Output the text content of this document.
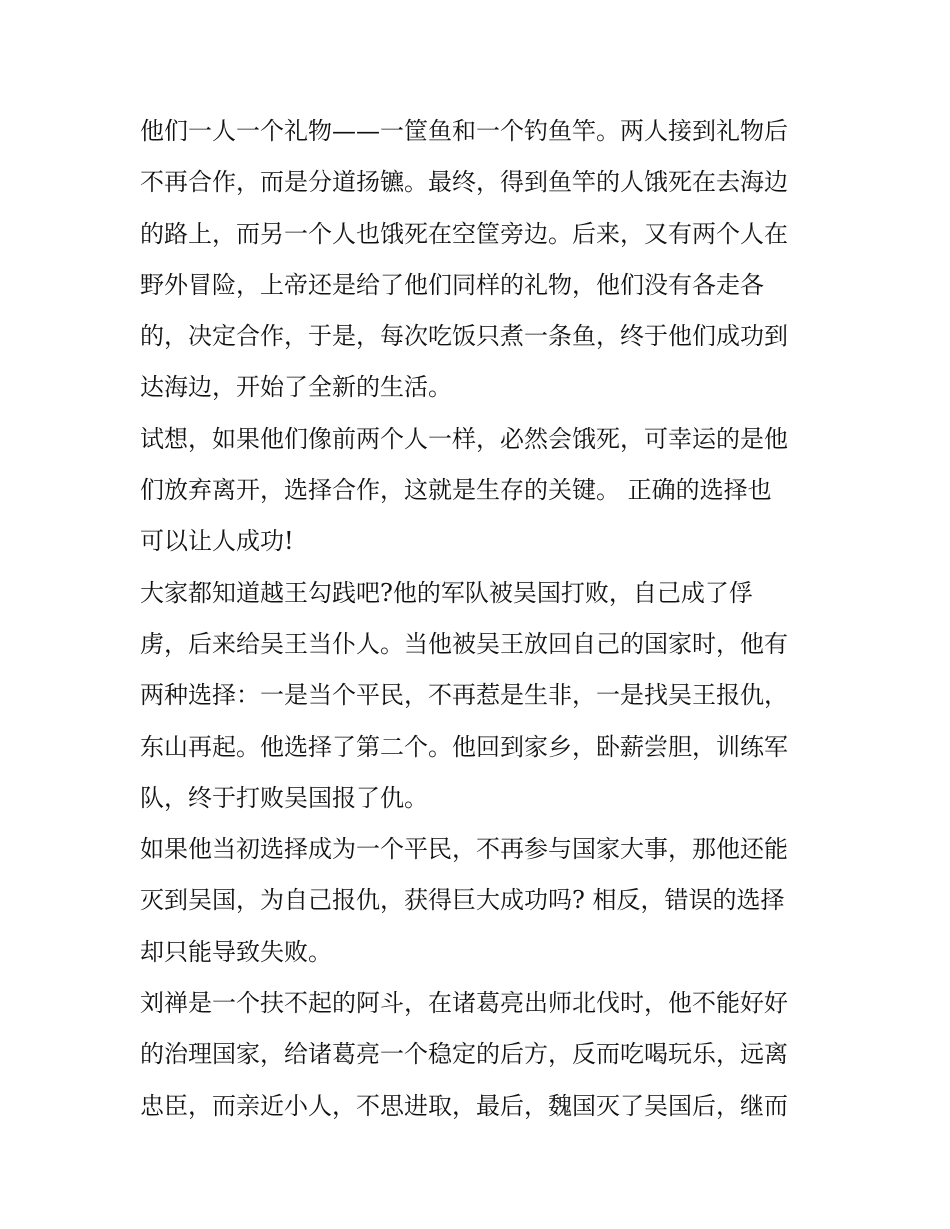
他们一人一个礼物——一筐鱼和一个钓鱼竿。两人接到礼物后
不再合作，而是分道扬镳。最终，得到鱼竿的人饿死在去海边
的路上，而另一个人也饿死在空筐旁边。后来，又有两个人在
野外冒险，上帝还是给了他们同样的礼物，他们没有各走各
的，决定合作，于是，每次吃饭只煮一条鱼，终于他们成功到
达海边，开始了全新的生活。
试想，如果他们像前两个人一样，必然会饿死，可幸运的是他
们放弃离开，选择合作，这就是生存的关键。 正确的选择也
可以让人成功!
大家都知道越王勾践吧?他的军队被吴国打败，自己成了俘
虏，后来给吴王当仆人。当他被吴王放回自己的国家时，他有
两种选择：一是当个平民，不再惹是生非，一是找吴王报仇，
东山再起。他选择了第二个。他回到家乡，卧薪尝胆，训练军
队，终于打败吴国报了仇。
如果他当初选择成为一个平民，不再参与国家大事，那他还能
灭到吴国，为自己报仇，获得巨大成功吗? 相反，错误的选择
却只能导致失败。
刘禅是一个扶不起的阿斗，在诸葛亮出师北伐时，他不能好好
的治理国家，给诸葛亮一个稳定的后方，反而吃喝玩乐，远离
忠臣，而亲近小人，不思进取，最后，魏国灭了吴国后，继而
